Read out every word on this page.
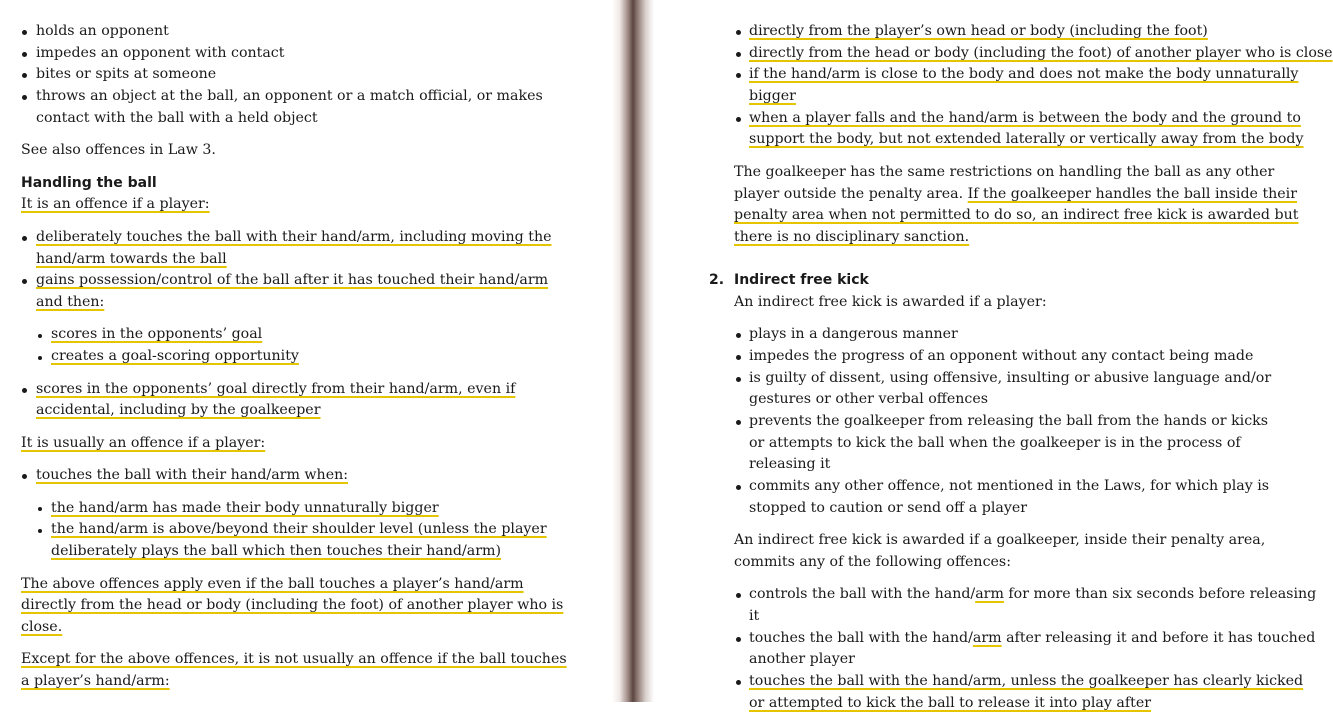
holds an opponent
impedes an opponent with contact
bites or spits at someone
throws an object at the ball, an opponent or a match official, or makes
contact with the ball with a held object
See also offences in Law 3.
Handling the ball
It is an offence if a player:
deliberately touches the ball with their hand/arm, including moving the
hand/arm towards the ball
gains possession/control of the ball after it has touched their hand/arm
and then:
scores in the opponents’ goal
creates a goal-scoring opportunity
scores in the opponents’ goal directly from their hand/arm, even if
accidental, including by the goalkeeper
It is usually an offence if a player:
touches the ball with their hand/arm when:
the hand/arm has made their body unnaturally bigger
the hand/arm is above/beyond their shoulder level (unless the player
deliberately plays the ball which then touches their hand/arm)
The above offences apply even if the ball touches a player’s hand/arm
directly from the head or body (including the foot) of another player who is
close.
Except for the above offences, it is not usually an offence if the ball touches
a player’s hand/arm:
directly from the player’s own head or body (including the foot)
directly from the head or body (including the foot) of another player who is close
if the hand/arm is close to the body and does not make the body unnaturally
bigger
when a player falls and the hand/arm is between the body and the ground to
support the body, but not extended laterally or vertically away from the body
The goalkeeper has the same restrictions on handling the ball as any other
player outside the penalty area. If the goalkeeper handles the ball inside their
penalty area when not permitted to do so, an indirect free kick is awarded but
there is no disciplinary sanction.
2. Indirect free kick
An indirect free kick is awarded if a player:
plays in a dangerous manner
impedes the progress of an opponent without any contact being made
is guilty of dissent, using offensive, insulting or abusive language and/or
gestures or other verbal offences
prevents the goalkeeper from releasing the ball from the hands or kicks
or attempts to kick the ball when the goalkeeper is in the process of
releasing it
commits any other offence, not mentioned in the Laws, for which play is
stopped to caution or send off a player
An indirect free kick is awarded if a goalkeeper, inside their penalty area,
commits any of the following offences:
controls the ball with the hand/arm for more than six seconds before releasing
it
touches the ball with the hand/arm after releasing it and before it has touched
another player
touches the ball with the hand/arm, unless the goalkeeper has clearly kicked
or attempted to kick the ball to release it into play after
